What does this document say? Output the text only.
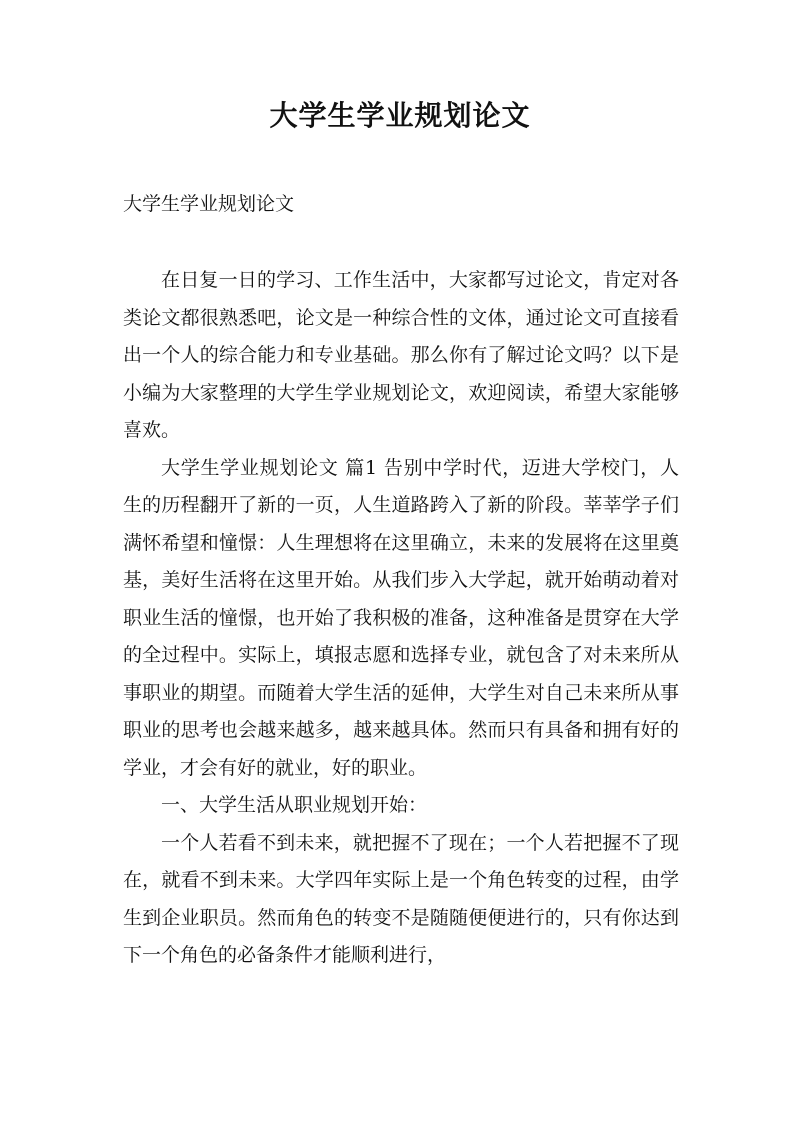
大学生学业规划论文
大学生学业规划论文

在日复一日的学习、工作生活中，大家都写过论文，肯定对各类论文都很熟悉吧，论文是一种综合性的文体，通过论文可直接看出一个人的综合能力和专业基础。那么你有了解过论文吗？以下是小编为大家整理的大学生学业规划论文，欢迎阅读，希望大家能够喜欢。

大学生学业规划论文 篇1 告别中学时代，迈进大学校门，人生的历程翻开了新的一页，人生道路跨入了新的阶段。莘莘学子们满怀希望和憧憬：人生理想将在这里确立，未来的发展将在这里奠基，美好生活将在这里开始。从我们步入大学起，就开始萌动着对职业生活的憧憬，也开始了我积极的准备，这种准备是贯穿在大学的全过程中。实际上，填报志愿和选择专业，就包含了对未来所从事职业的期望。而随着大学生活的延伸，大学生对自己未来所从事职业的思考也会越来越多，越来越具体。然而只有具备和拥有好的学业，才会有好的就业，好的职业。

一、大学生活从职业规划开始：

一个人若看不到未来，就把握不了现在；一个人若把握不了现在，就看不到未来。大学四年实际上是一个角色转变的过程，由学生到企业职员。然而角色的转变不是随随便便进行的，只有你达到下一个角色的必备条件才能顺利进行，
